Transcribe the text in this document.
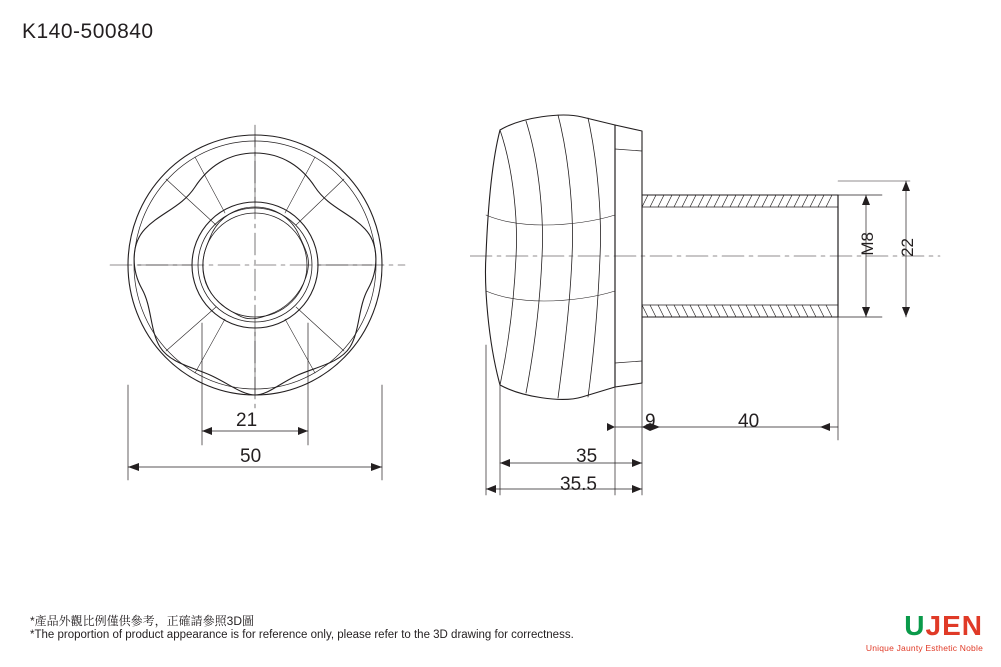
K140-500840
21
50
M8 22
9	40
35
35.5
*產品外觀比例僅供參考，正確請參照3D圖
*The proportion of product appearance is for reference only, please refer to the 3D drawing for correctness.	UJEN
Unique Jaunty Esthetic Noble
